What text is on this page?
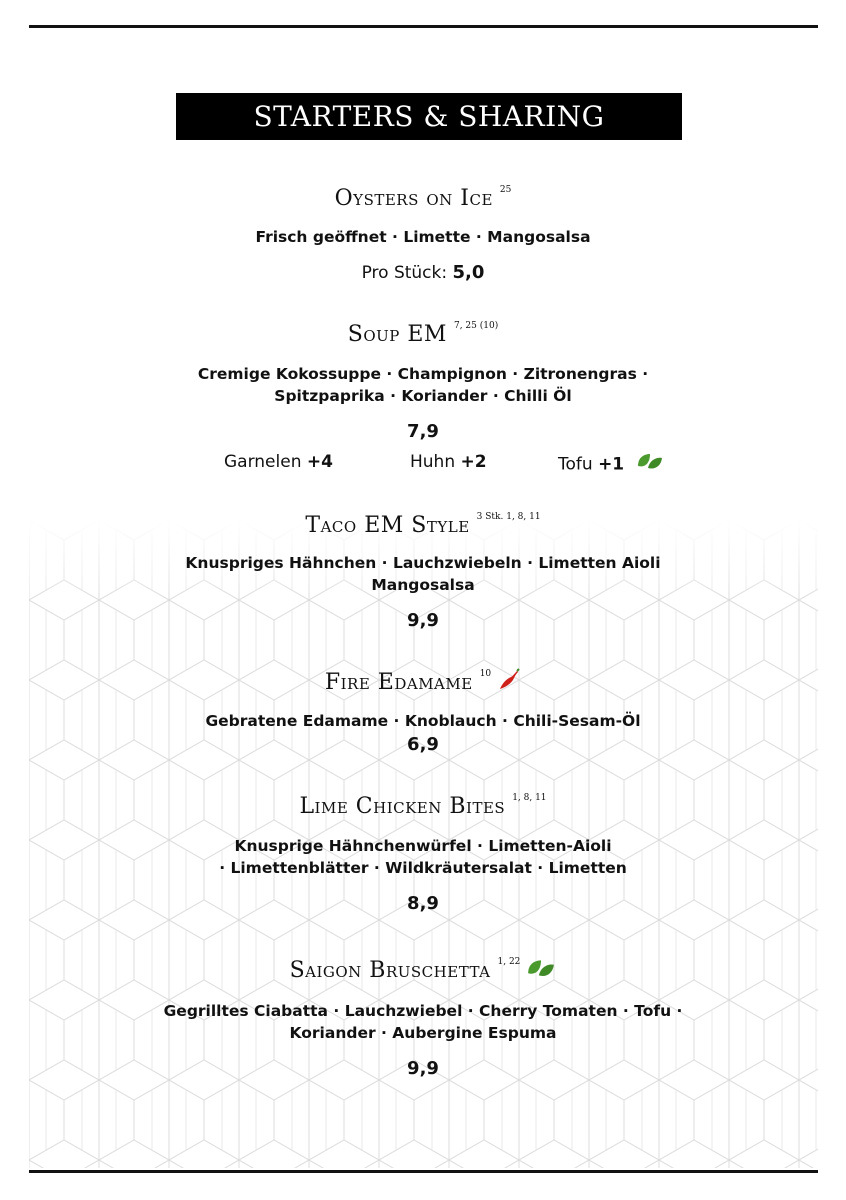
STARTERS & SHARING
Oysters on Ice 25
Frisch geöffnet · Limette · Mangosalsa
Pro Stück: 5,0
Soup EM 7, 25 (10)
Cremige Kokossuppe · Champignon · Zitronengras ·
Spitzpaprika · Koriander · Chilli Öl
7,9
Garnelen +4	Huhn +2	Tofu +1
Taco EM Style 3 Stk. 1, 8, 11
Knuspriges Hähnchen · Lauchzwiebeln · Limetten Aioli
Mangosalsa
9,9
Fire Edamame 10
Gebratene Edamame · Knoblauch · Chili-Sesam-Öl
6,9
Lime Chicken Bites 1, 8, 11
Knusprige Hähnchenwürfel · Limetten-Aioli
· Limettenblätter · Wildkräutersalat · Limetten
8,9
Saigon Bruschetta 1, 22
Gegrilltes Ciabatta · Lauchzwiebel · Cherry Tomaten · Tofu ·
Koriander · Aubergine Espuma
9,9
